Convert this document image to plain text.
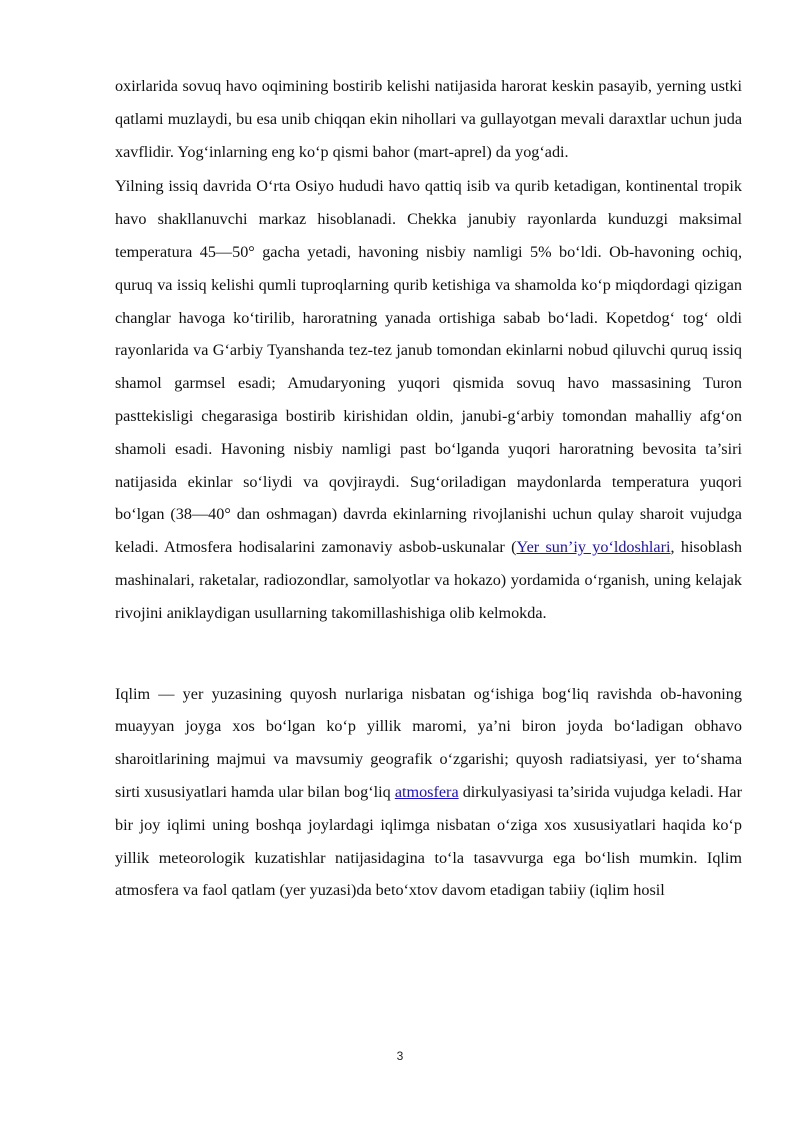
oxirlarida sovuq havo oqimining bostirib kelishi natijasida harorat keskin pasayib, yerning ustki qatlami muzlaydi, bu esa unib chiqqan ekin nihollari va gullayotgan mevali daraxtlar uchun juda xavflidir. Yog‘inlarning eng ko‘p qismi bahor (mart-aprel) da yog‘adi.

Yilning issiq davrida O‘rta Osiyo hududi havo qattiq isib va qurib ketadigan, kontinental tropik havo shakllanuvchi markaz hisoblanadi. Chekka janubiy rayonlarda kunduzgi maksimal temperatura 45—50° gacha yetadi, havoning nisbiy namligi 5% bo‘ldi. Ob-havoning ochiq, quruq va issiq kelishi qumli tuproqlarning qurib ketishiga va shamolda ko‘p miqdordagi qizigan changlar havoga ko‘tirilib, haroratning yanada ortishiga sabab bo‘ladi. Kopetdog‘ tog‘ oldi rayonlarida va G‘arbiy Tyanshanda tez-tez janub tomondan ekinlarni nobud qiluvchi quruq issiq shamol garmsel esadi; Amudaryoning yuqori qismida sovuq havo massasining Turon pasttekisligi chegarasiga bostirib kirishidan oldin, janubi-g‘arbiy tomondan mahalliy afg‘on shamoli esadi. Havoning nisbiy namligi past bo‘lganda yuqori haroratning bevosita ta’siri natijasida ekinlar so‘liydi va qovjiraydi. Sug‘oriladigan maydonlarda temperatura yuqori bo‘lgan (38—40° dan oshmagan) davrda ekinlarning rivojlanishi uchun qulay sharoit vujudga keladi. Atmosfera hodisalarini zamonaviy asbob-uskunalar (Yer sun’iy yo‘ldoshlari, hisoblash mashinalari, raketalar, radiozondlar, samolyotlar va hokazo) yordamida o‘rganish, uning kelajak rivojini aniklaydigan usullarning takomillashishiga olib kelmokda.

Iqlim — yer yuzasining quyosh nurlariga nisbatan og‘ishiga bog‘liq ravishda ob-havoning muayyan joyga xos bo‘lgan ko‘p yillik maromi, ya’ni biron joyda bo‘ladigan obhavo sharoitlarining majmui va mavsumiy geografik o‘zgarishi; quyosh radiatsiyasi, yer to‘shama sirti xususiyatlari hamda ular bilan bog‘liq atmosfera dirkulyasiyasi ta’sirida vujudga keladi. Har bir joy iqlimi uning boshqa joylardagi iqlimga nisbatan o‘ziga xos xususiyatlari haqida ko‘p yillik meteorologik kuzatishlar natijasidagina to‘la tasavvurga ega bo‘lish mumkin. Iqlim atmosfera va faol qatlam (yer yuzasi)da beto‘xtov davom etadigan tabiiy (iqlim hosil

3
